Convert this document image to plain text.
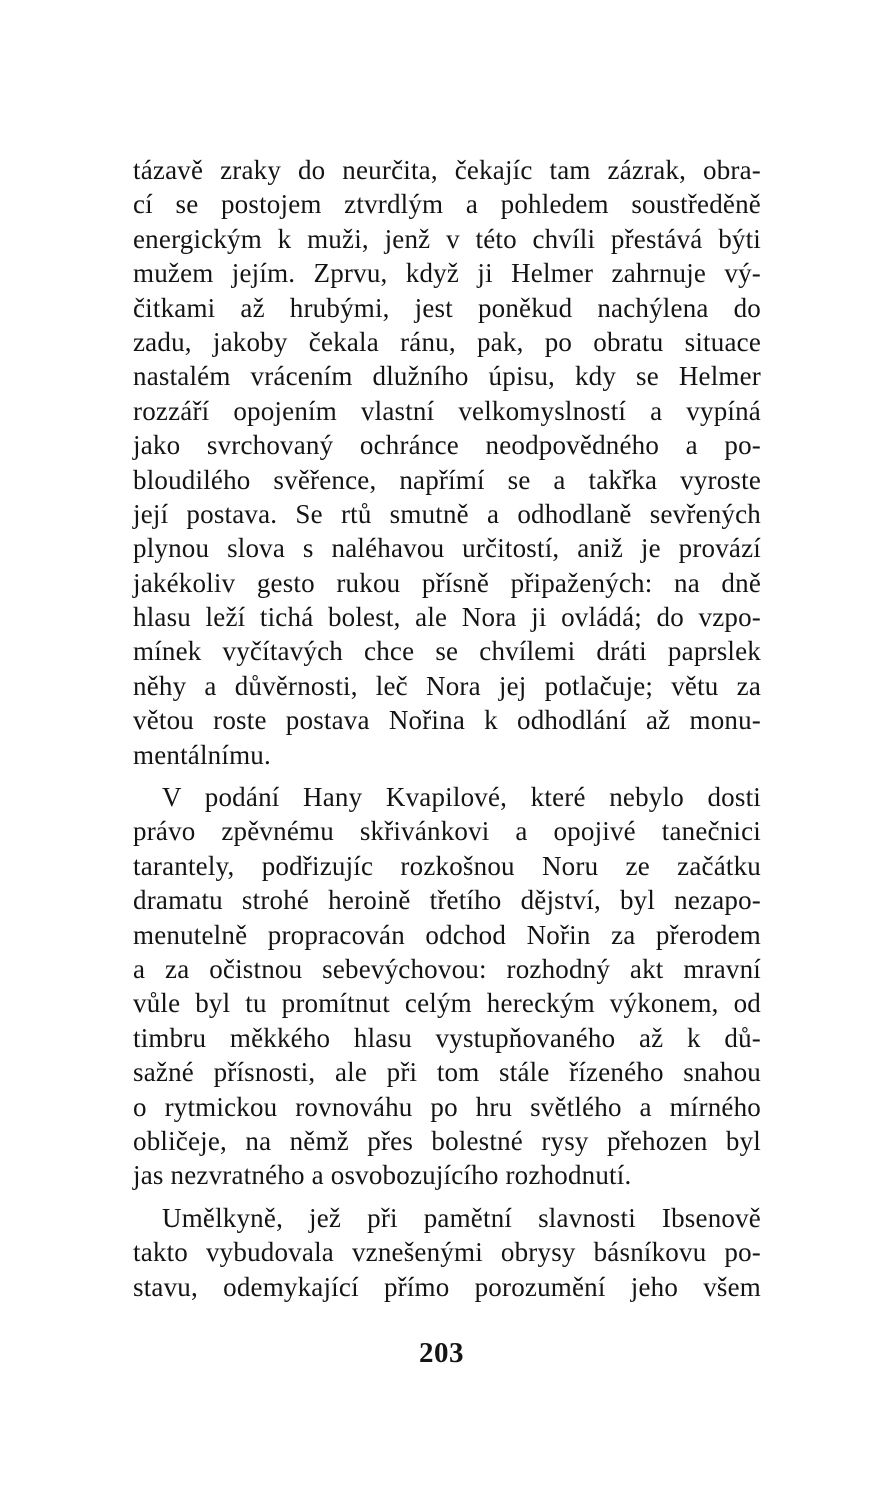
tázavě zraky do neurčita, čekajíc tam zázrak, obra-
cí se postojem ztvrdlým a pohledem soustředěně
energickým k muži, jenž v této chvíli přestává býti
mužem jejím. Zprvu, když ji Helmer zahrnuje vý-
čitkami až hrubými, jest poněkud nachýlena do
zadu, jakoby čekala ránu, pak, po obratu situace
nastalém vrácením dlužního úpisu, kdy se Helmer
rozzáří opojením vlastní velkomyslností a vypíná
jako svrchovaný ochránce neodpovědného a po-
bloudilého svěřence, napřímí se a takřka vyroste
její postava. Se rtů smutně a odhodlaně sevřených
plynou slova s naléhavou určitostí, aniž je provází
jakékoliv gesto rukou přísně připažených: na dně
hlasu leží tichá bolest, ale Nora ji ovládá; do vzpo-
mínek vyčítavých chce se chvílemi dráti paprslek
něhy a důvěrnosti, leč Nora jej potlačuje; větu za
větou roste postava Nořina k odhodlání až monu-
mentálnímu.
V podání Hany Kvapilové, které nebylo dosti
právo zpěvnému skřivánkovi a opojivé tanečnici
tarantely, podřizujíc rozkošnou Noru ze začátku
dramatu strohé heroině třetího dějství, byl nezapo-
menutelně propracován odchod Nořin za přerodem
a za očistnou sebevýchovou: rozhodný akt mravní
vůle byl tu promítnut celým hereckým výkonem, od
timbru měkkého hlasu vystupňovaného až k dů-
sažné přísnosti, ale při tom stále řízeného snahou
o rytmickou rovnováhu po hru světlého a mírného
obličeje, na němž přes bolestné rysy přehozen byl
jas nezvratného a osvobozujícího rozhodnutí.
Umělkyně, jež při pamětní slavnosti Ibsenově
takto vybudovala vznešenými obrysy básníkovu po-
stavu, odemykající přímo porozumění jeho všem
203
